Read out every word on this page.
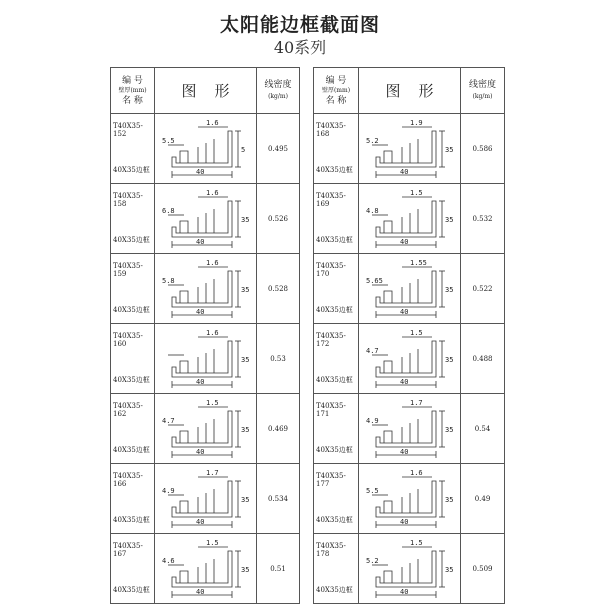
太阳能边框截面图
40系列
编 号
壁厚(mm)
名 称	图形	线密度
(kg/m)

T40X35-152
40X35边框	1.6
5.5
5
40	0.495

T40X35-158
40X35边框	1.6
6.8
35
40	0.526

T40X35-159
40X35边框	1.6
5.8
35
40	0.528

T40X35-160
40X35边框	1.6
35
40	0.53

T40X35-162
40X35边框	1.5
4.7
35
40	0.469

T40X35-166
40X35边框	1.7
4.9
35
40	0.534

T40X35-167
40X35边框	1.5
4.6
35
40	0.51
编 号
壁厚(mm)
名 称	图形	线密度
(kg/m)

T40X35-168
40X35边框	1.9
5.2
35
40	0.586

T40X35-169
40X35边框	1.5
4.8
35
40	0.532

T40X35-170
40X35边框	1.55
5.65
35
40	0.522

T40X35-172
40X35边框	1.5
4.7
35
40	0.488

T40X35-171
40X35边框	1.7
4.9
35
40	0.54

T40X35-177
40X35边框	1.6
5.5
35
40	0.49

T40X35-178
40X35边框	1.5
5.2
35
40	0.509
